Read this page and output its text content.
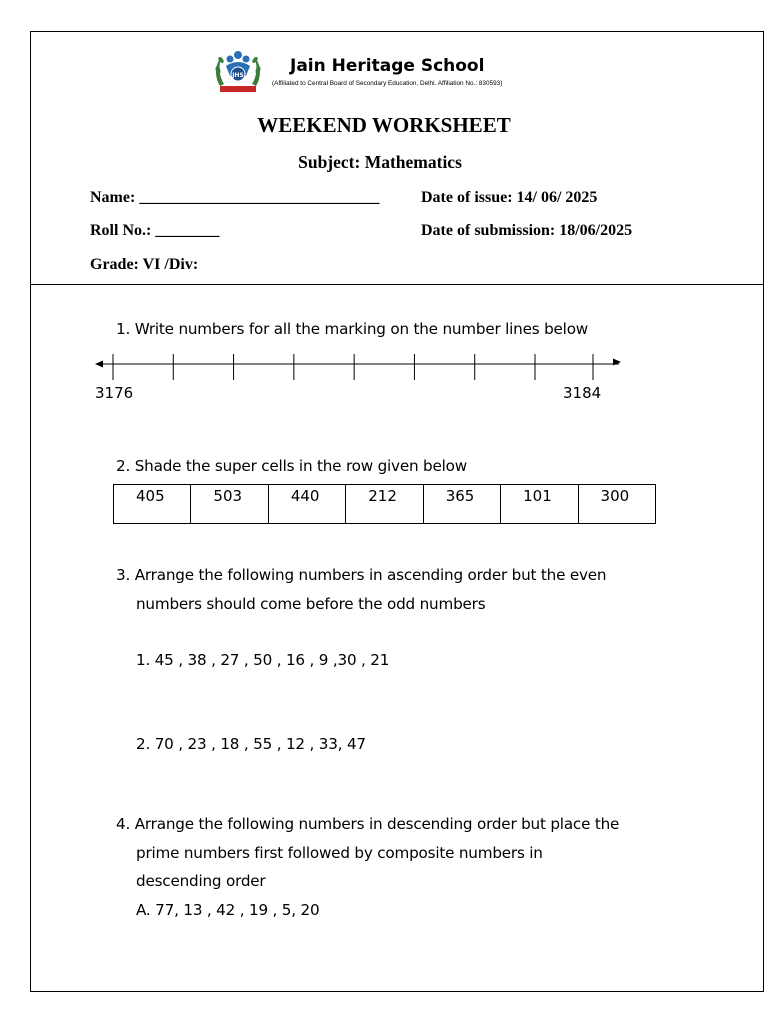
JHS	Jain Heritage School
(Affiliated to Central Board of Secondary Education, Delhi. Affiliation No.: 830593)
WEEKEND WORKSHEET
Subject: Mathematics
Name: ______________________________	Date of issue: 14/ 06/ 2025
Roll No.: ________	Date of submission: 18/06/2025
Grade: VI /Div:
1. Write numbers for all the marking on the number lines below
3176	3184
2. Shade the super cells in the row given below
405	503	440	212	365	101	300
3. Arrange the following numbers in ascending order but the even
numbers should come before the odd numbers
1. 45 , 38 , 27 , 50 , 16 , 9 ,30 , 21
2. 70 , 23 , 18 , 55 , 12 , 33, 47
4. Arrange the following numbers in descending order but place the
prime numbers first followed by composite numbers in
descending order
A. 77, 13 , 42 , 19 , 5, 20
